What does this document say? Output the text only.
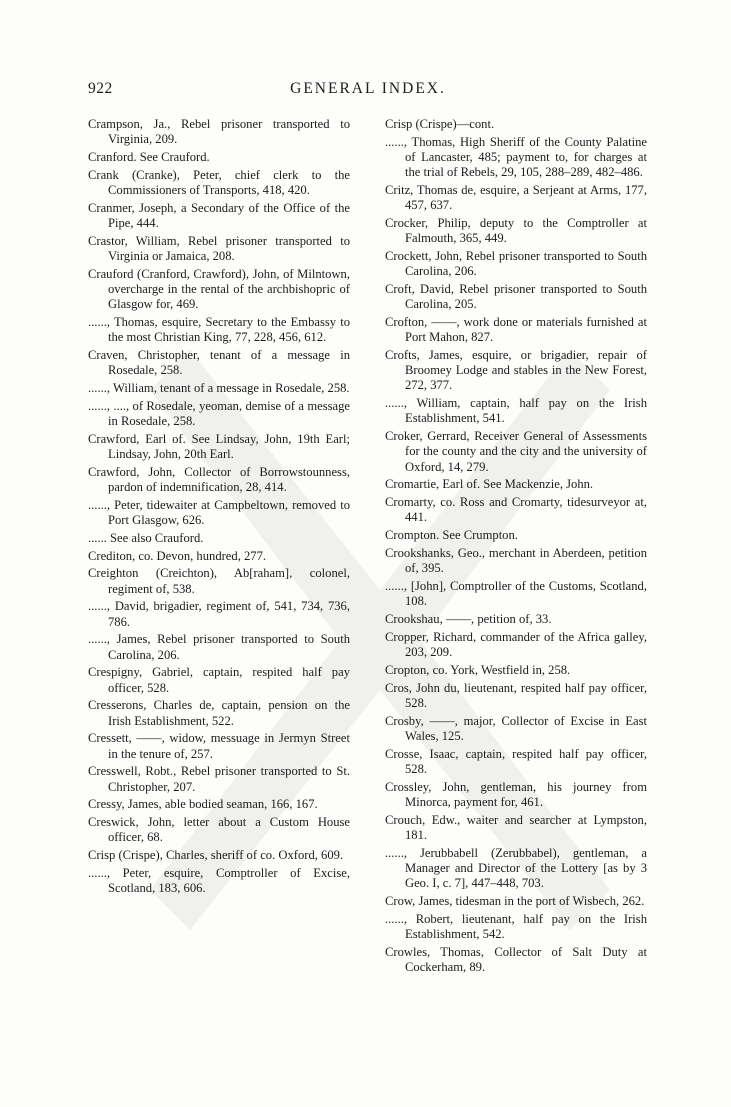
922	GENERAL INDEX.
Crampson, Ja., Rebel prisoner transported to Virginia, 209.
Cranford. See Crauford.
Crank (Cranke), Peter, chief clerk to the Commissioners of Transports, 418, 420.
Cranmer, Joseph, a Secondary of the Office of the Pipe, 444.
Crastor, William, Rebel prisoner transported to Virginia or Jamaica, 208.
Crauford (Cranford, Crawford), John, of Milntown, overcharge in the rental of the archbishopric of Glasgow for, 469.
......, Thomas, esquire, Secretary to the Embassy to the most Christian King, 77, 228, 456, 612.
Craven, Christopher, tenant of a message in Rosedale, 258.
......, William, tenant of a message in Rosedale, 258.
......, ...., of Rosedale, yeoman, demise of a message in Rosedale, 258.
Crawford, Earl of. See Lindsay, John, 19th Earl; Lindsay, John, 20th Earl.
Crawford, John, Collector of Borrowstounness, pardon of indemnification, 28, 414.
......, Peter, tidewaiter at Campbeltown, removed to Port Glasgow, 626.
...... See also Crauford.
Crediton, co. Devon, hundred, 277.
Creighton (Creichton), Ab[raham], colonel, regiment of, 538.
......, David, brigadier, regiment of, 541, 734, 736, 786.
......, James, Rebel prisoner transported to South Carolina, 206.
Crespigny, Gabriel, captain, respited half pay officer, 528.
Cresserons, Charles de, captain, pension on the Irish Establishment, 522.
Cressett, ——, widow, messuage in Jermyn Street in the tenure of, 257.
Cresswell, Robt., Rebel prisoner transported to St. Christopher, 207.
Cressy, James, able bodied seaman, 166, 167.
Creswick, John, letter about a Custom House officer, 68.
Crisp (Crispe), Charles, sheriff of co. Oxford, 609.
......, Peter, esquire, Comptroller of Excise, Scotland, 183, 606.
Crisp (Crispe)—cont.
......, Thomas, High Sheriff of the County Palatine of Lancaster, 485; payment to, for charges at the trial of Rebels, 29, 105, 288–289, 482–486.
Critz, Thomas de, esquire, a Serjeant at Arms, 177, 457, 637.
Crocker, Philip, deputy to the Comptroller at Falmouth, 365, 449.
Crockett, John, Rebel prisoner transported to South Carolina, 206.
Croft, David, Rebel prisoner transported to South Carolina, 205.
Crofton, ——, work done or materials furnished at Port Mahon, 827.
Crofts, James, esquire, or brigadier, repair of Broomey Lodge and stables in the New Forest, 272, 377.
......, William, captain, half pay on the Irish Establishment, 541.
Croker, Gerrard, Receiver General of Assessments for the county and the city and the university of Oxford, 14, 279.
Cromartie, Earl of. See Mackenzie, John.
Cromarty, co. Ross and Cromarty, tidesurveyor at, 441.
Crompton. See Crumpton.
Crookshanks, Geo., merchant in Aberdeen, petition of, 395.
......, [John], Comptroller of the Customs, Scotland, 108.
Crookshau, ——, petition of, 33.
Cropper, Richard, commander of the Africa galley, 203, 209.
Cropton, co. York, Westfield in, 258.
Cros, John du, lieutenant, respited half pay officer, 528.
Crosby, ——, major, Collector of Excise in East Wales, 125.
Crosse, Isaac, captain, respited half pay officer, 528.
Crossley, John, gentleman, his journey from Minorca, payment for, 461.
Crouch, Edw., waiter and searcher at Lympston, 181.
......, Jerubbabell (Zerubbabel), gentleman, a Manager and Director of the Lottery [as by 3 Geo. I, c. 7], 447–448, 703.
Crow, James, tidesman in the port of Wisbech, 262.
......, Robert, lieutenant, half pay on the Irish Establishment, 542.
Crowles, Thomas, Collector of Salt Duty at Cockerham, 89.
